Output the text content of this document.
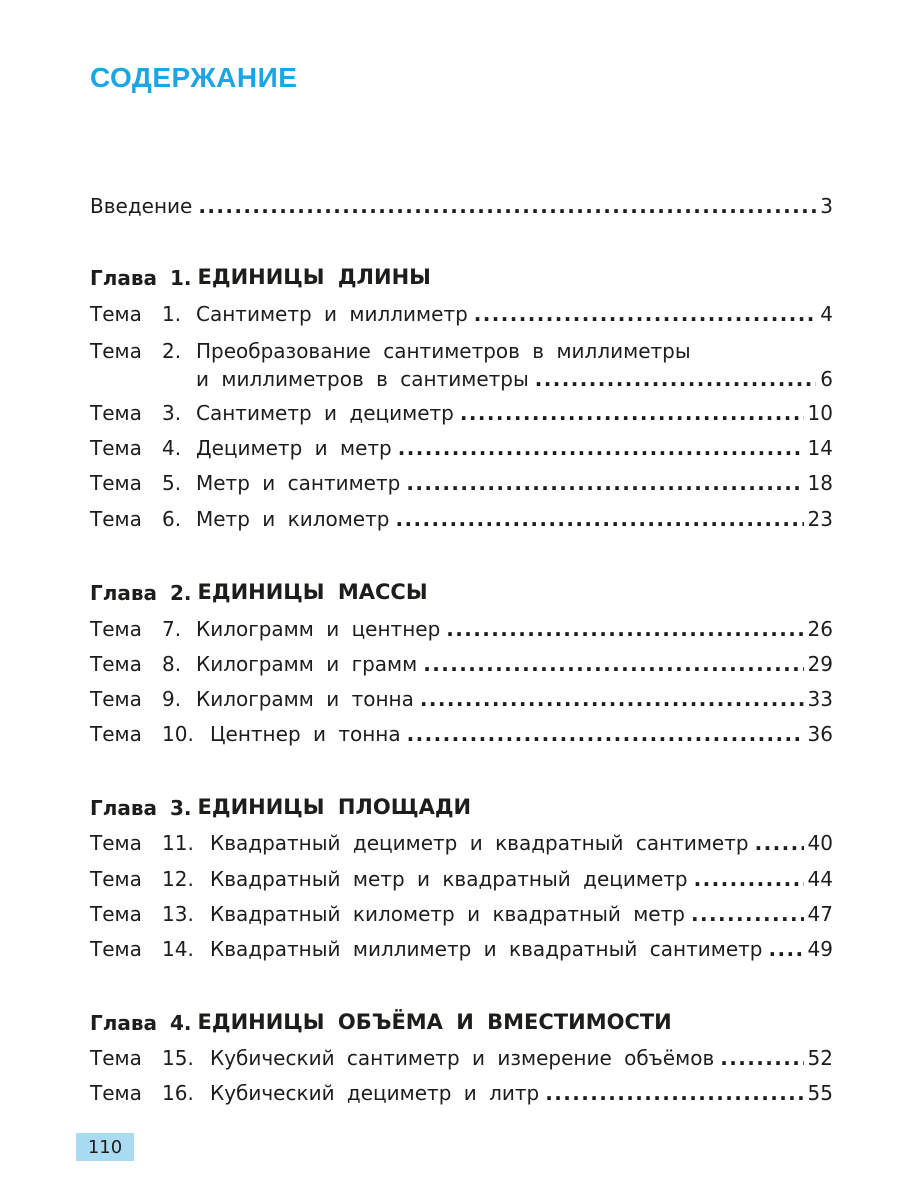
СОДЕРЖАНИЕ
Введение .....	3
Глава 1. ЕДИНИЦЫ ДЛИНЫ
Тема 1. Сантиметр и миллиметр .....	4
Тема 2. Преобразование сантиметров в миллиметры
и миллиметров в сантиметры .....	6
Тема 3. Сантиметр и дециметр .....	10
Тема 4. Дециметр и метр .....	14
Тема 5. Метр и сантиметр .....	18
Тема 6. Метр и километр .....	23
Глава 2. ЕДИНИЦЫ МАССЫ
Тема 7. Килограмм и центнер .....	26
Тема 8. Килограмм и грамм .....	29
Тема 9. Килограмм и тонна .....	33
Тема 10. Центнер и тонна .....	36
Глава 3. ЕДИНИЦЫ ПЛОЩАДИ
Тема 11. Квадратный дециметр и квадратный сантиметр .....	40
Тема 12. Квадратный метр и квадратный дециметр .....	44
Тема 13. Квадратный километр и квадратный метр .....	47
Тема 14. Квадратный миллиметр и квадратный сантиметр ..... 49
Глава 4. ЕДИНИЦЫ ОБЪЁМА И ВМЕСТИМОСТИ
Тема 15. Кубический сантиметр и измерение объёмов .....	52
Тема 16. Кубический дециметр и литр .....	55
110
